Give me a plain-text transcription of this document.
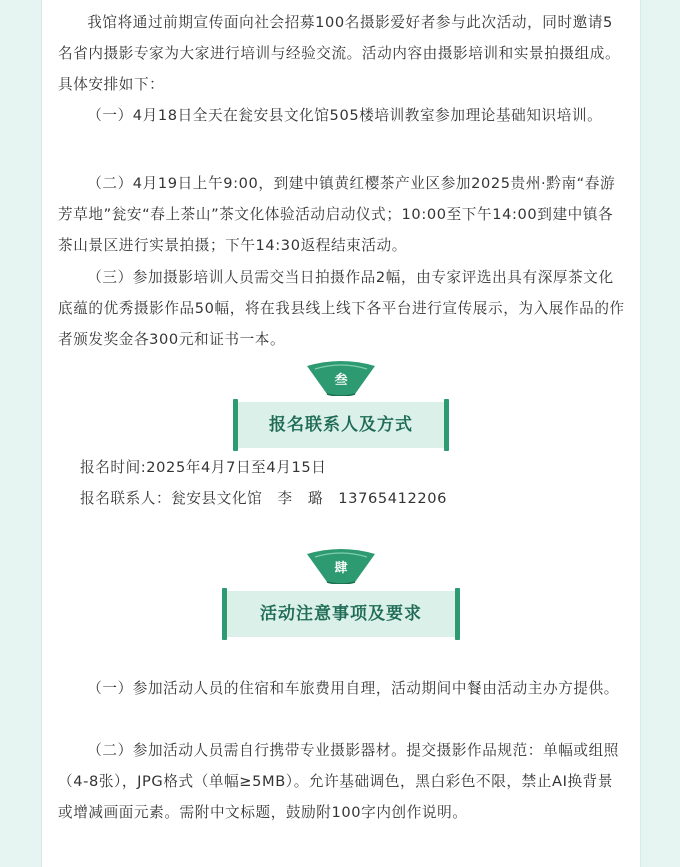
我馆将通过前期宣传面向社会招募100名摄影爱好者参与此次活动，同时邀请5名省内摄影专家为大家进行培训与经验交流。活动内容由摄影培训和实景拍摄组成。具体安排如下：

（一）4月18日全天在瓮安县文化馆505楼培训教室参加理论基础知识培训。

（二）4月19日上午9:00，到建中镇黄红樱茶产业区参加2025贵州·黔南“春游芳草地”瓮安“春上茶山”茶文化体验活动启动仪式；10:00至下午14:00到建中镇各茶山景区进行实景拍摄；下午14:30返程结束活动。

（三）参加摄影培训人员需交当日拍摄作品2幅，由专家评选出具有深厚茶文化底蕴的优秀摄影作品50幅，将在我县线上线下各平台进行宣传展示，为入展作品的作者颁发奖金各300元和证书一本。

叁
报名联系人及方式

报名时间:2025年4月7日至4月15日

报名联系人：瓮安县文化馆　李　璐　13765412206

肆
活动注意事项及要求

（一）参加活动人员的住宿和车旅费用自理，活动期间中餐由活动主办方提供。

（二）参加活动人员需自行携带专业摄影器材。提交摄影作品规范：单幅或组照（4-8张），JPG格式（单幅≥5MB）。允许基础调色，黑白彩色不限，禁止AI换背景或增减画面元素。需附中文标题，鼓励附100字内创作说明。
